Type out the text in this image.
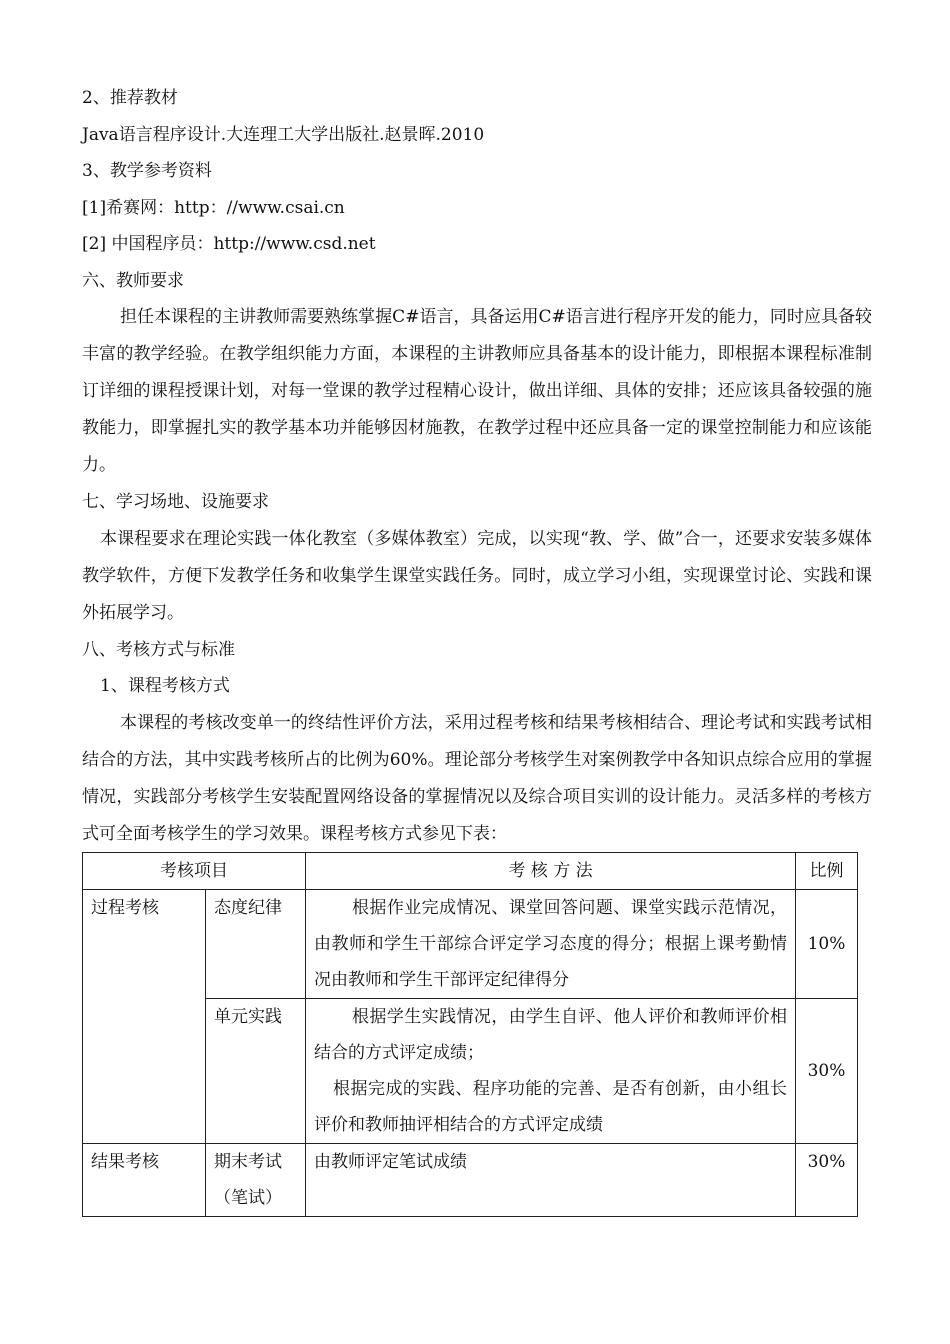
2、推荐教材
Java语言程序设计.大连理工大学出版社.赵景晖.2010
3、教学参考资料
[1]希赛网：http：//www.csai.cn
[2] 中国程序员：http://www.csd.net
六、教师要求

担任本课程的主讲教师需要熟练掌握C#语言，具备运用C#语言进行程序开发的能力，同时应具备较丰富的教学经验。在教学组织能力方面，本课程的主讲教师应具备基本的设计能力，即根据本课程标准制订详细的课程授课计划，对每一堂课的教学过程精心设计，做出详细、具体的安排；还应该具备较强的施教能力，即掌握扎实的教学基本功并能够因材施教，在教学过程中还应具备一定的课堂控制能力和应该能力。

七、学习场地、设施要求

本课程要求在理论实践一体化教室（多媒体教室）完成，以实现“教、学、做”合一，还要求安装多媒体教学软件，方便下发教学任务和收集学生课堂实践任务。同时，成立学习小组，实现课堂讨论、实践和课外拓展学习。

八、考核方式与标准
1、课程考核方式

本课程的考核改变单一的终结性评价方法，采用过程考核和结果考核相结合、理论考试和实践考试相结合的方法，其中实践考核所占的比例为60%。理论部分考核学生对案例教学中各知识点综合应用的掌握情况，实践部分考核学生安装配置网络设备的掌握情况以及综合项目实训的设计能力。灵活多样的考核方式可全面考核学生的学习效果。课程考核方式参见下表：

考核项目		考 核 方 法	比例
过程考核	态度纪律	根据作业完成情况、课堂回答问题、课堂实践示范情况，由教师和学生干部综合评定学习态度的得分；根据上课考勤情况由教师和学生干部评定纪律得分	10%
	单元实践	根据学生实践情况，由学生自评、他人评价和教师评价相结合的方式评定成绩；

根据完成的实践、程序功能的完善、是否有创新，由小组长评价和教师抽评相结合的方式评定成绩	30%
结果考核	期末考试
（笔试）	由教师评定笔试成绩	30%
